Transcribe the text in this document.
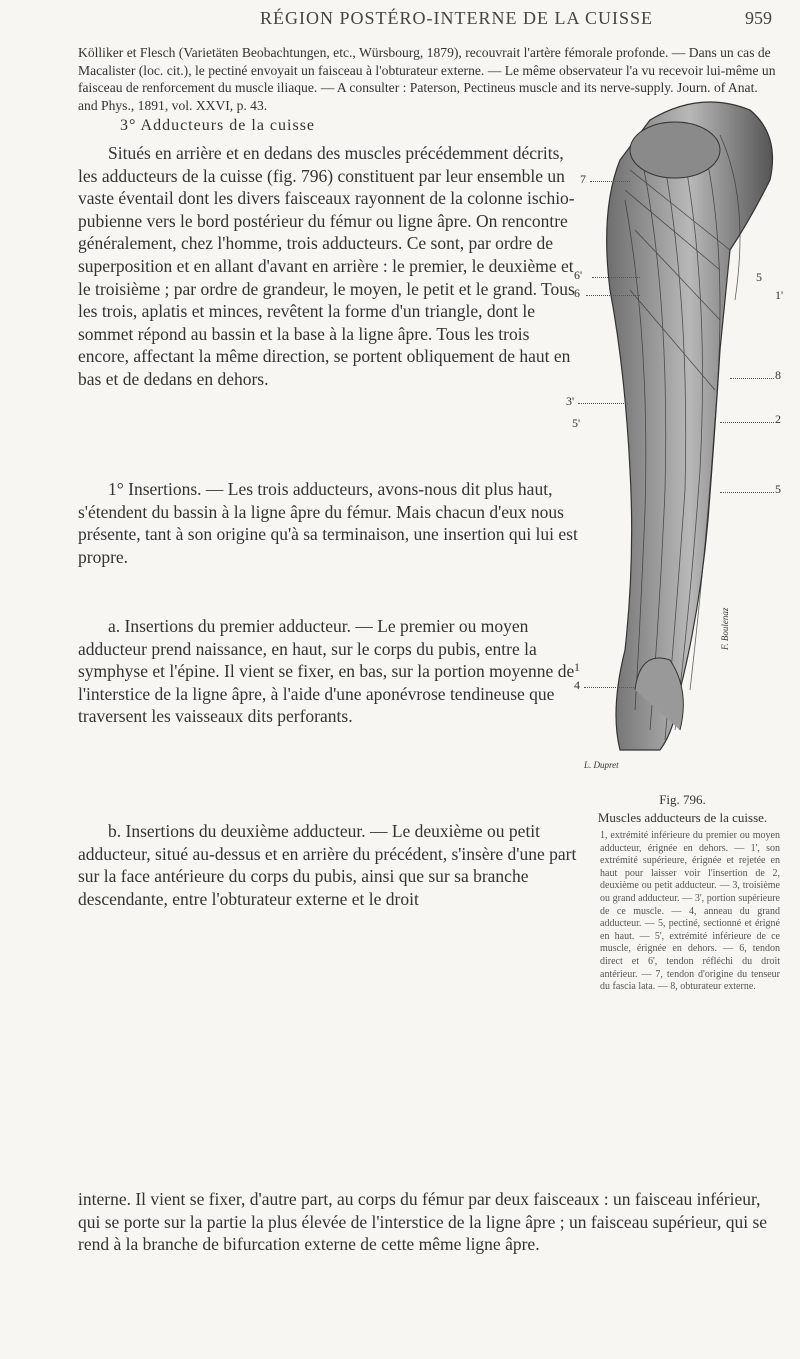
RÉGION POSTÉRO-INTERNE DE LA CUISSE	959
Kölliker et Flesch (Varietäten Beobachtungen, etc., Würsbourg, 1879), recouvrait l'artère fémorale profonde. — Dans un cas de Macalister (loc. cit.), le pectiné envoyait un faisceau à l'obturateur externe. — Le même observateur l'a vu recevoir lui-même un faisceau de renforcement du muscle iliaque. — A consulter : Paterson, Pectineus muscle and its nerve-supply. Journ. of Anat. and Phys., 1891, vol. XXVI, p. 43.
3° Adducteurs de la cuisse

Situés en arrière et en dedans des muscles précédemment décrits, les adducteurs de la cuisse (fig. 796) constituent par leur ensemble un vaste éventail dont les divers faisceaux rayonnent de la colonne ischio-pubienne vers le bord postérieur du fémur ou ligne âpre. On rencontre généralement, chez l'homme, trois adducteurs. Ce sont, par ordre de superposition et en allant d'avant en arrière : le premier, le deuxième et le troisième ; par ordre de grandeur, le moyen, le petit et le grand. Tous les trois, aplatis et minces, revêtent la forme d'un triangle, dont le sommet répond au bassin et la base à la ligne âpre. Tous les trois encore, affectant la même direction, se portent obliquement de haut en bas et de dedans en dehors.

1° Insertions. — Les trois adducteurs, avons-nous dit plus haut, s'étendent du bassin à la ligne âpre du fémur. Mais chacun d'eux nous présente, tant à son origine qu'à sa terminaison, une insertion qui lui est propre.

a. Insertions du premier adducteur. — Le premier ou moyen adducteur prend naissance, en haut, sur le corps du pubis, entre la symphyse et l'épine. Il vient se fixer, en bas, sur la portion moyenne de l'interstice de la ligne âpre, à l'aide d'une aponévrose tendineuse que traversent les vaisseaux dits perforants.

b. Insertions du deuxième adducteur. — Le deuxième ou petit adducteur, situé au-dessus et en arrière du précédent, s'insère d'une part sur la face antérieure du corps du pubis, ainsi que sur sa branche descendante, entre l'obturateur externe et le droit

interne. Il vient se fixer, d'autre part, au corps du fémur par deux faisceaux : un faisceau inférieur, qui se porte sur la partie la plus élevée de l'interstice de la ligne âpre ; un faisceau supérieur, qui se rend à la branche de bifurcation externe de cette même ligne âpre.

7
6'
6
5
1'
8
3'
2
5'
5
1
4
L. Dupret
F. Boulenaz
Fig. 796.
Muscles adducteurs de la cuisse.
1, extrémité inférieure du premier ou moyen adducteur, érignée en dehors. — 1', son extrémité supérieure, érignée et rejetée en haut pour laisser voir l'insertion de 2, deuxième ou petit adducteur. — 3, troisième ou grand adducteur. — 3', portion supérieure de ce muscle. — 4, anneau du grand adducteur. — 5, pectiné, sectionné et érigné en haut. — 5', extrémité inférieure de ce muscle, érignée en dehors. — 6, tendon direct et 6', tendon réfléchi du droit antérieur. — 7, tendon d'origine du tenseur du fascia lata. — 8, obturateur externe.
